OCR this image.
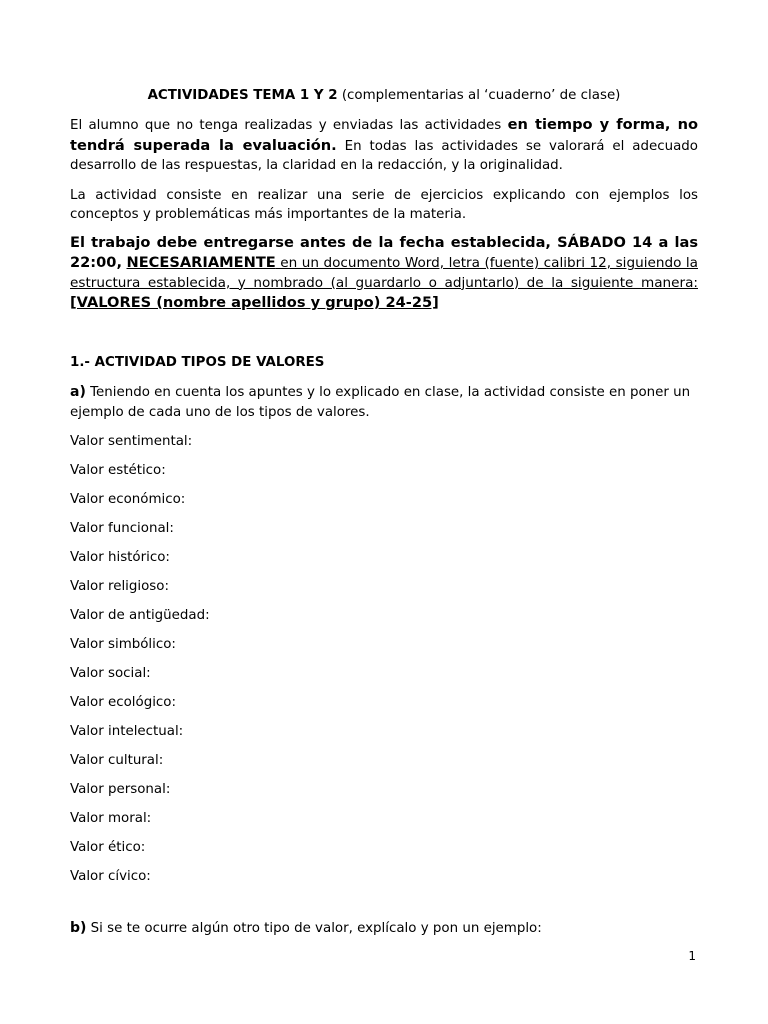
ACTIVIDADES TEMA 1 Y 2 (complementarias al ‘cuaderno’ de clase)

El alumno que no tenga realizadas y enviadas las actividades en tiempo y forma, no tendrá superada la evaluación. En todas las actividades se valorará el adecuado desarrollo de las respuestas, la claridad en la redacción, y la originalidad.

La actividad consiste en realizar una serie de ejercicios explicando con ejemplos los conceptos y problemáticas más importantes de la materia.

El trabajo debe entregarse antes de la fecha establecida, SÁBADO 14 a las 22:00, NECESARIAMENTE en un documento Word, letra (fuente) calibri 12, siguiendo la estructura establecida, y nombrado (al guardarlo o adjuntarlo) de la siguiente manera: [VALORES (nombre apellidos y grupo) 24-25]

1.- ACTIVIDAD TIPOS DE VALORES

a) Teniendo en cuenta los apuntes y lo explicado en clase, la actividad consiste en poner un ejemplo de cada uno de los tipos de valores.

Valor sentimental:
Valor estético:
Valor económico:
Valor funcional:
Valor histórico:
Valor religioso:
Valor de antigüedad:
Valor simbólico:
Valor social:
Valor ecológico:
Valor intelectual:
Valor cultural:
Valor personal:
Valor moral:
Valor ético:
Valor cívico:

b) Si se te ocurre algún otro tipo de valor, explícalo y pon un ejemplo:

1
